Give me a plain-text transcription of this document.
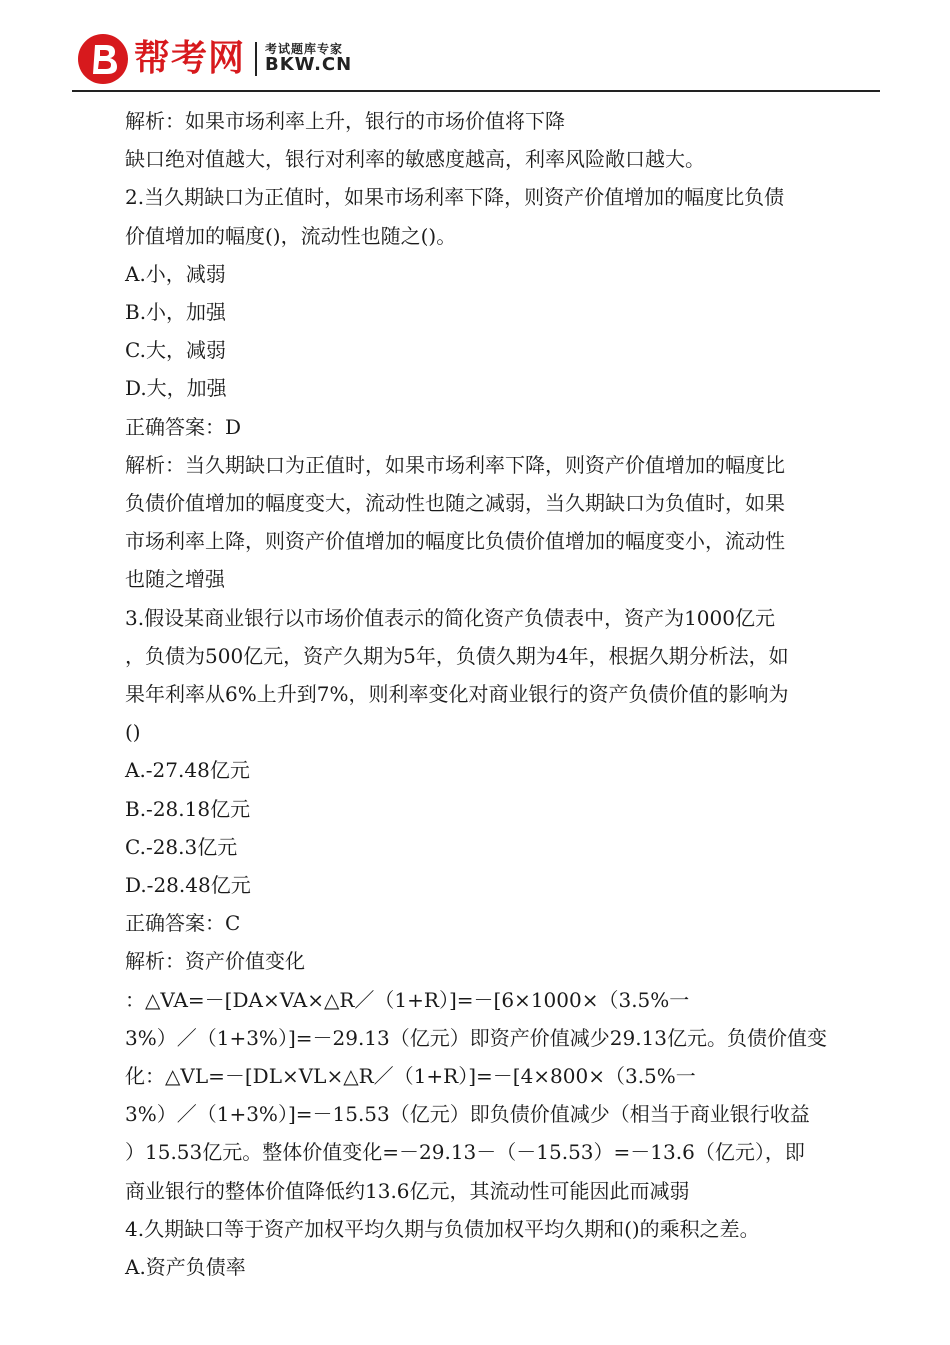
帮考网 考试题库专家
BKW.CN

解析：如果市场利率上升，银行的市场价值将下降

缺口绝对值越大，银行对利率的敏感度越高，利率风险敞口越大。

2.当久期缺口为正值时，如果市场利率下降，则资产价值增加的幅度比负债

价值增加的幅度()，流动性也随之()。

A.小，减弱

B.小，加强

C.大，减弱

D.大，加强

正确答案：D

解析：当久期缺口为正值时，如果市场利率下降，则资产价值增加的幅度比

负债价值增加的幅度变大，流动性也随之减弱，当久期缺口为负值时，如果

市场利率上降，则资产价值增加的幅度比负债价值增加的幅度变小，流动性

也随之增强

3.假设某商业银行以市场价值表示的简化资产负债表中，资产为1000亿元

，负债为500亿元，资产久期为5年，负债久期为4年，根据久期分析法，如

果年利率从6%上升到7%，则利率变化对商业银行的资产负债价值的影响为

()

A.-27.48亿元

B.-28.18亿元

C.-28.3亿元

D.-28.48亿元

正确答案：C

解析：资产价值变化

：△VA=－[DA×VA×△R／（1+R）]=－[6×1000×（3.5%一

3%）／（1+3%）]=－29.13（亿元）即资产价值减少29.13亿元。负债价值变

化：△VL=－[DL×VL×△R／（1+R）]=－[4×800×（3.5%一

3%）／（1+3%）]=－15.53（亿元）即负债价值减少（相当于商业银行收益

）15.53亿元。整体价值变化=－29.13－（－15.53）=－13.6（亿元），即

商业银行的整体价值降低约13.6亿元，其流动性可能因此而减弱

4.久期缺口等于资产加权平均久期与负债加权平均久期和()的乘积之差。

A.资产负债率
